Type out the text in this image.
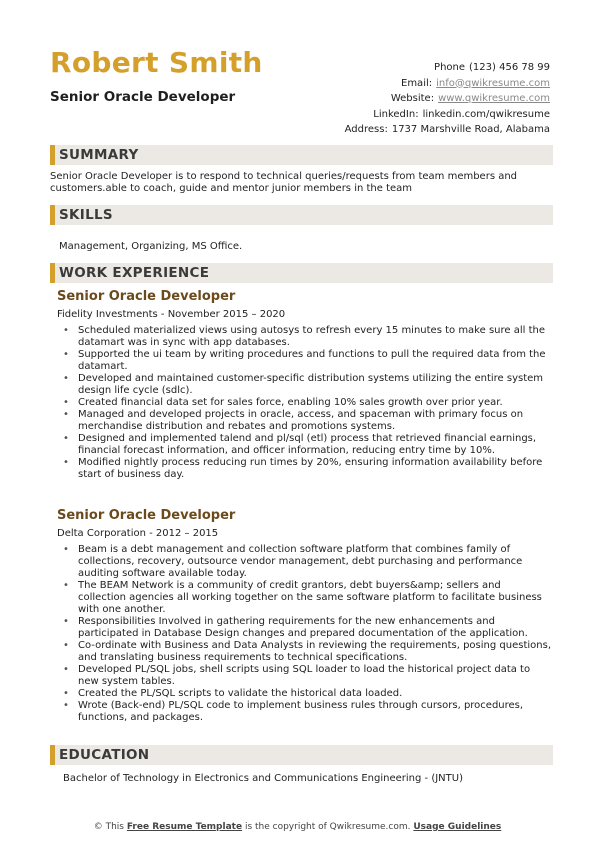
Robert Smith
Senior Oracle Developer
Phone (123) 456 78 99
Email: info@qwikresume.com
Website: www.qwikresume.com
LinkedIn: linkedin.com/qwikresume
Address: 1737 Marshville Road, Alabama
SUMMARY
Senior Oracle Developer is to respond to technical queries/requests from team members and customers.able to coach, guide and mentor junior members in the team
SKILLS
Management, Organizing, MS Office.
WORK EXPERIENCE
Senior Oracle Developer
Fidelity Investments - November 2015 – 2020
• Scheduled materialized views using autosys to refresh every 15 minutes to make sure all the datamart was in sync with app databases.
• Supported the ui team by writing procedures and functions to pull the required data from the datamart.
• Developed and maintained customer-specific distribution systems utilizing the entire system design life cycle (sdlc).
• Created financial data set for sales force, enabling 10% sales growth over prior year.
• Managed and developed projects in oracle, access, and spaceman with primary focus on merchandise distribution and rebates and promotions systems.
• Designed and implemented talend and pl/sql (etl) process that retrieved financial earnings, financial forecast information, and officer information, reducing entry time by 10%.
• Modified nightly process reducing run times by 20%, ensuring information availability before start of business day.
Senior Oracle Developer
Delta Corporation - 2012 – 2015
• Beam is a debt management and collection software platform that combines family of collections, recovery, outsource vendor management, debt purchasing and performance auditing software available today.
• The BEAM Network is a community of credit grantors, debt buyers&amp; sellers and collection agencies all working together on the same software platform to facilitate business with one another.
• Responsibilities Involved in gathering requirements for the new enhancements and participated in Database Design changes and prepared documentation of the application.
• Co-ordinate with Business and Data Analysts in reviewing the requirements, posing questions, and translating business requirements to technical specifications.
• Developed PL/SQL jobs, shell scripts using SQL loader to load the historical project data to new system tables.
• Created the PL/SQL scripts to validate the historical data loaded.
• Wrote (Back-end) PL/SQL code to implement business rules through cursors, procedures, functions, and packages.
EDUCATION
Bachelor of Technology in Electronics and Communications Engineering - (JNTU)
© This Free Resume Template is the copyright of Qwikresume.com. Usage Guidelines
